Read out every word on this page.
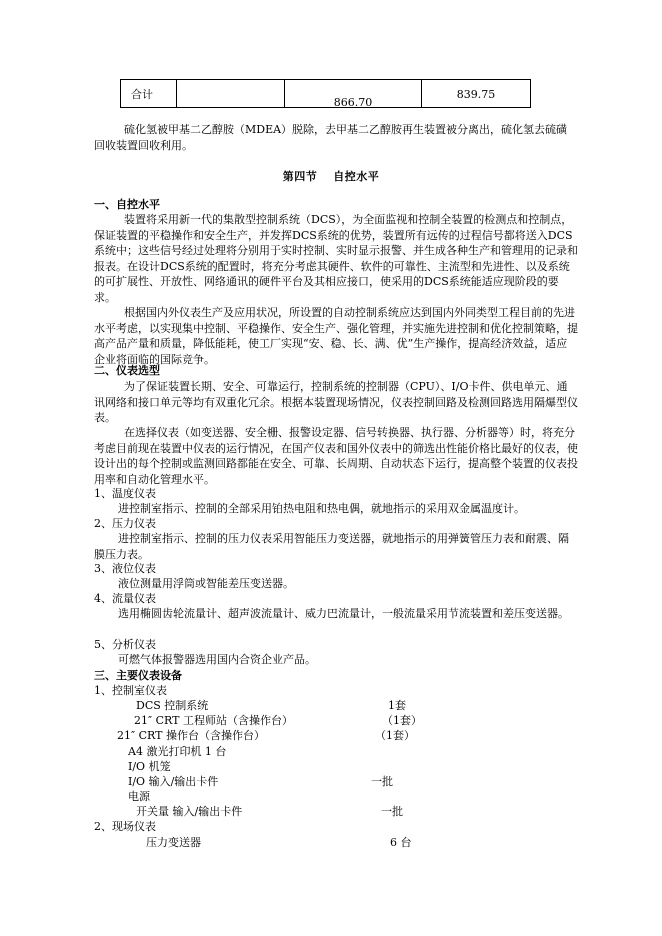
合计		866.70	839.75
硫化氢被甲基二乙醇胺（MDEA）脱除，去甲基二乙醇胺再生装置被分离出，硫化氢去硫磺回收装置回收利用。
第四节 自控水平
一、自控水平
装置将采用新一代的集散型控制系统（DCS），为全面监视和控制全装置的检测点和控制点，保证装置的平稳操作和安全生产，并发挥DCS系统的优势，装置所有远传的过程信号都将送入DCS系统中；这些信号经过处理将分别用于实时控制、实时显示报警、并生成各种生产和管理用的记录和报表。在设计DCS系统的配置时，将充分考虑其硬件、软件的可靠性、主流型和先进性、以及系统的可扩展性、开放性、网络通讯的硬件平台及其相应接口，使采用的DCS系统能适应现阶段的要求。
根据国内外仪表生产及应用状况，所设置的自动控制系统应达到国内外同类型工程目前的先进水平考虑，以实现集中控制、平稳操作、安全生产、强化管理，并实施先进控制和优化控制策略，提高产品产量和质量，降低能耗，使工厂实现“安、稳、长、满、优”生产操作，提高经济效益，适应企业将面临的国际竞争。
二、仪表选型
为了保证装置长期、安全、可靠运行，控制系统的控制器（CPU）、I/O卡件、供电单元、通讯网络和接口单元等均有双重化冗余。根据本装置现场情况，仪表控制回路及检测回路选用隔爆型仪表。
在选择仪表（如变送器、安全栅、报警设定器、信号转换器、执行器、分析器等）时，将充分考虑目前现在装置中仪表的运行情况，在国产仪表和国外仪表中的筛选出性能价格比最好的仪表，使设计出的每个控制或监测回路都能在安全、可靠、长周期、自动状态下运行，提高整个装置的仪表投用率和自动化管理水平。
1、温度仪表
进控制室指示、控制的全部采用铂热电阻和热电偶，就地指示的采用双金属温度计。
2、压力仪表
进控制室指示、控制的压力仪表采用智能压力变送器，就地指示的用弹簧管压力表和耐震、隔膜压力表。
3、液位仪表
液位测量用浮筒或智能差压变送器。
4、流量仪表
选用椭圆齿轮流量计、超声波流量计、威力巴流量计，一般流量采用节流装置和差压变送器。
5、分析仪表
可燃气体报警器选用国内合资企业产品。
三、主要仪表设备
1、控制室仪表
DCS 控制系统	1套
21″ CRT 工程师站（含操作台）	（1套）
21″ CRT 操作台（含操作台）	（1套）
A4 激光打印机 1 台
I/O 机笼
I/O 输入/输出卡件	一批
电源
开关量 输入/输出卡件	一批
2、现场仪表
压力变送器	6 台
